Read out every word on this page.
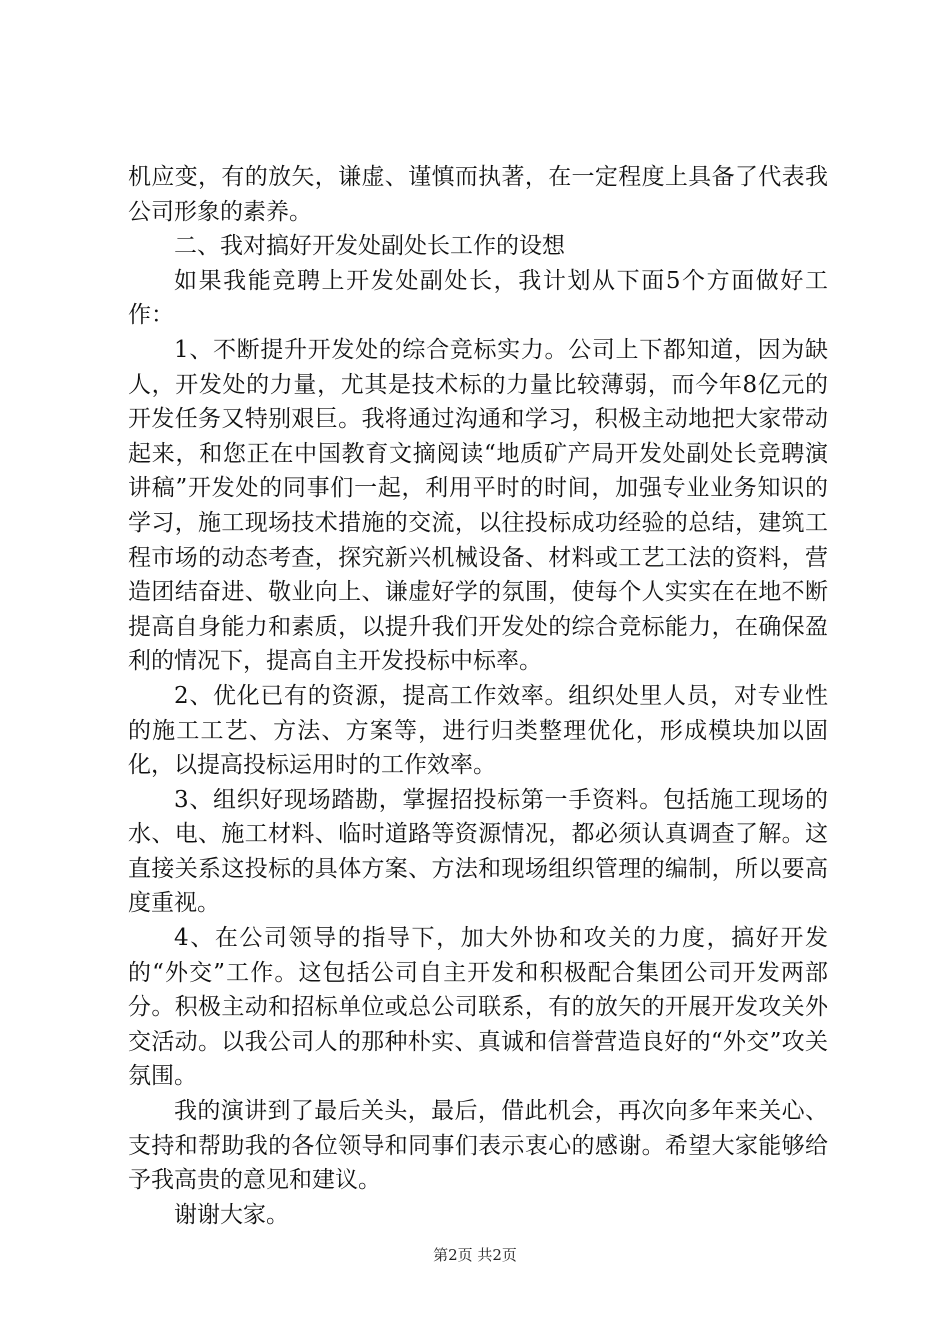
机应变，有的放矢，谦虚、谨慎而执著，在一定程度上具备了代表我公司形象的素养。

二、我对搞好开发处副处长工作的设想

如果我能竞聘上开发处副处长，我计划从下面5个方面做好工作：

1、不断提升开发处的综合竞标实力。公司上下都知道，因为缺人，开发处的力量，尤其是技术标的力量比较薄弱，而今年8亿元的开发任务又特别艰巨。我将通过沟通和学习，积极主动地把大家带动起来，和您正在中国教育文摘阅读“地质矿产局开发处副处长竞聘演讲稿”开发处的同事们一起，利用平时的时间，加强专业业务知识的学习，施工现场技术措施的交流，以往投标成功经验的总结，建筑工程市场的动态考查，探究新兴机械设备、材料或工艺工法的资料，营造团结奋进、敬业向上、谦虚好学的氛围，使每个人实实在在地不断提高自身能力和素质，以提升我们开发处的综合竞标能力，在确保盈利的情况下，提高自主开发投标中标率。

2、优化已有的资源，提高工作效率。组织处里人员，对专业性的施工工艺、方法、方案等，进行归类整理优化，形成模块加以固化，以提高投标运用时的工作效率。

3、组织好现场踏勘，掌握招投标第一手资料。包括施工现场的水、电、施工材料、临时道路等资源情况，都必须认真调查了解。这直接关系这投标的具体方案、方法和现场组织管理的编制，所以要高度重视。

4、在公司领导的指导下，加大外协和攻关的力度，搞好开发的“外交”工作。这包括公司自主开发和积极配合集团公司开发两部分。积极主动和招标单位或总公司联系，有的放矢的开展开发攻关外交活动。以我公司人的那种朴实、真诚和信誉营造良好的“外交”攻关氛围。

我的演讲到了最后关头，最后，借此机会，再次向多年来关心、支持和帮助我的各位领导和同事们表示衷心的感谢。希望大家能够给予我高贵的意见和建议。

谢谢大家。

第2页 共2页
